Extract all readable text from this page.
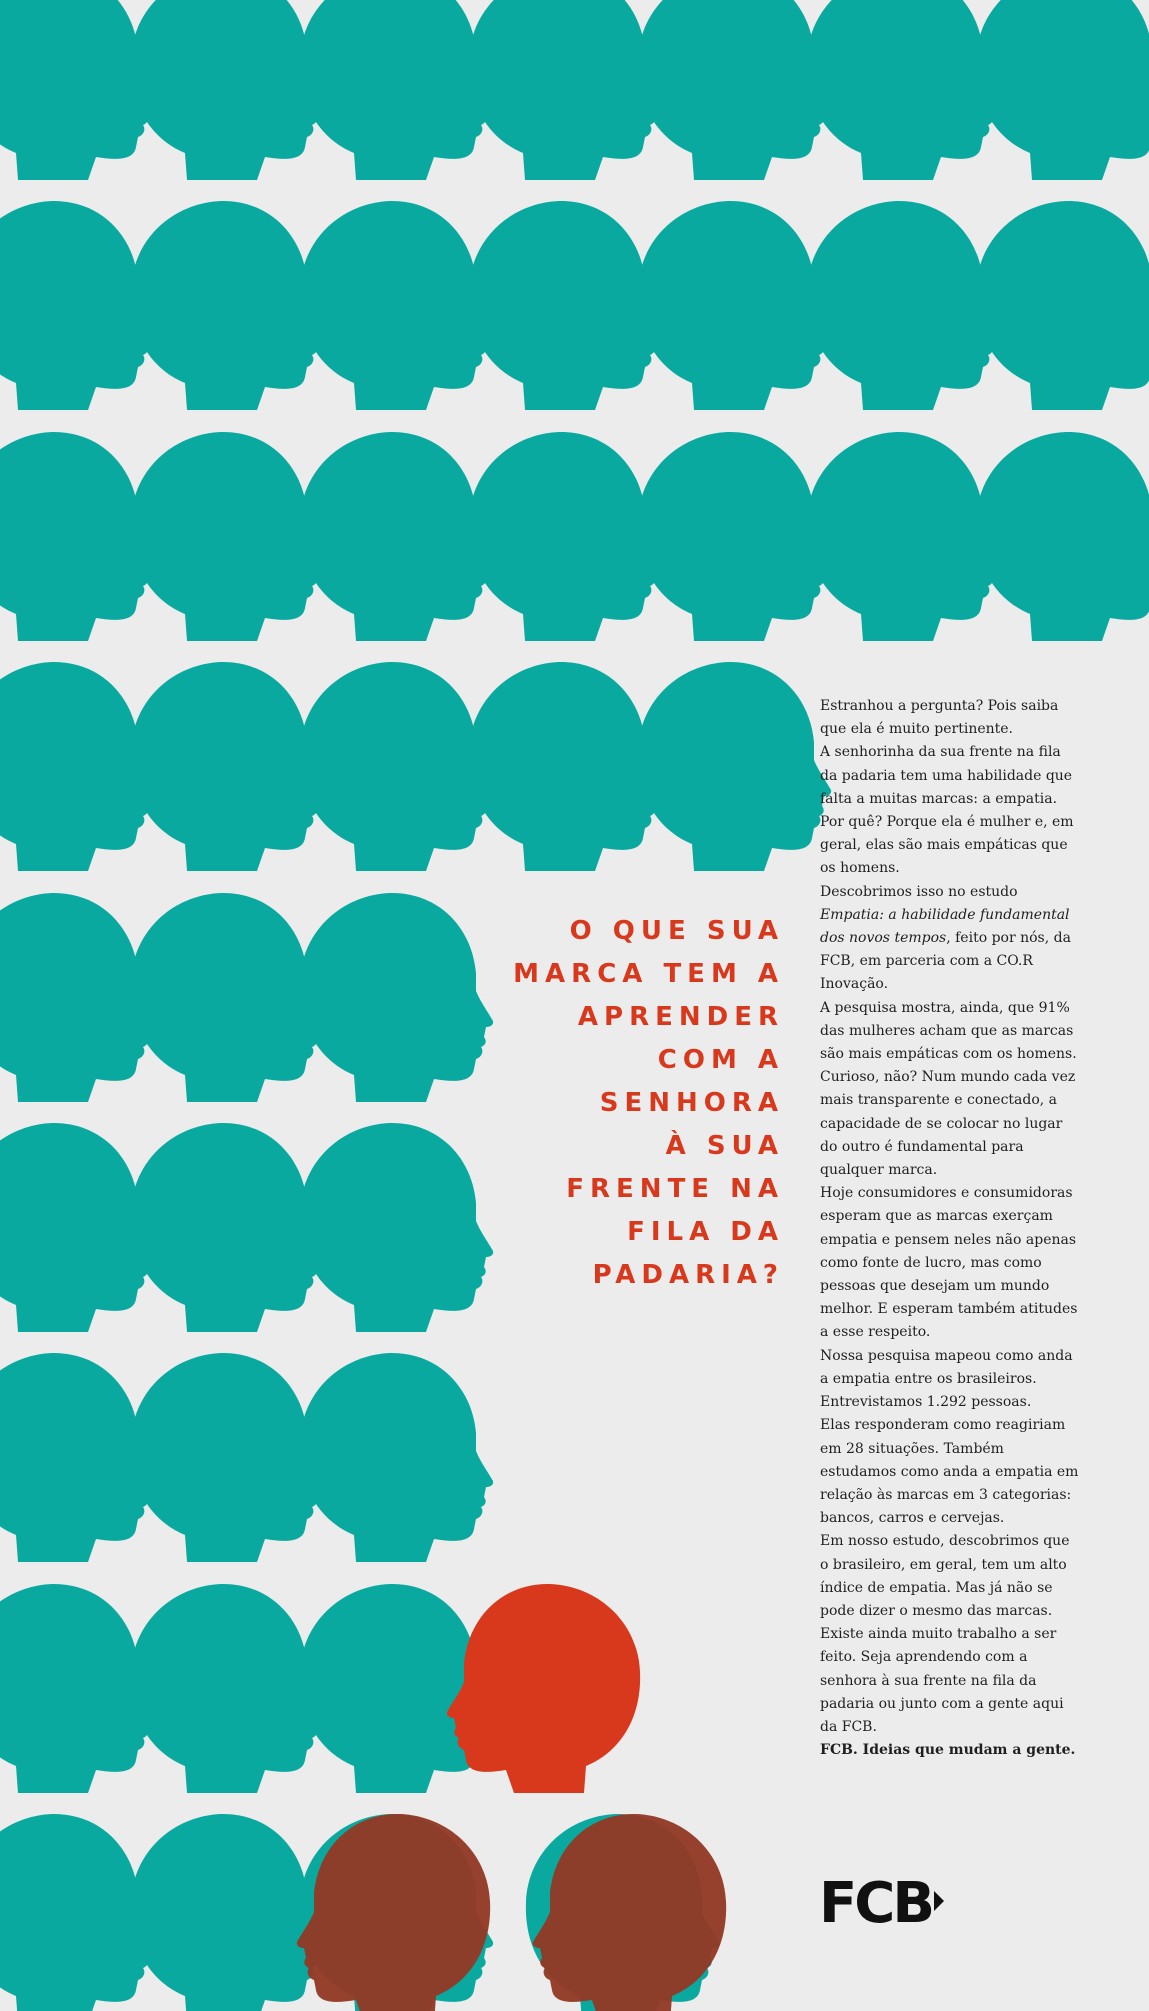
O QUE SUA
MARCA TEM A
APRENDER
COM A
SENHORA
À SUA
FRENTE NA
FILA DA
PADARIA?

Estranhou a pergunta? Pois saiba que ela é muito pertinente.

A senhorinha da sua frente na fila da padaria tem uma habilidade que falta a muitas marcas: a empatia.

Por quê? Porque ela é mulher e, em geral, elas são mais empáticas que os homens.

Descobrimos isso no estudo Empatia: a habilidade fundamental dos novos tempos, feito por nós, da FCB, em parceria com a CO.R Inovação.

A pesquisa mostra, ainda, que 91% das mulheres acham que as marcas são mais empáticas com os homens.

Curioso, não? Num mundo cada vez mais transparente e conectado, a capacidade de se colocar no lugar do outro é fundamental para qualquer marca.

Hoje consumidores e consumidoras esperam que as marcas exerçam empatia e pensem neles não apenas como fonte de lucro, mas como pessoas que desejam um mundo melhor. E esperam também atitudes a esse respeito.

Nossa pesquisa mapeou como anda a empatia entre os brasileiros. Entrevistamos 1.292 pessoas.

Elas responderam como reagiriam em 28 situações. Também estudamos como anda a empatia em relação às marcas em 3 categorias: bancos, carros e cervejas.

Em nosso estudo, descobrimos que o brasileiro, em geral, tem um alto índice de empatia. Mas já não se pode dizer o mesmo das marcas. Existe ainda muito trabalho a ser feito. Seja aprendendo com a senhora à sua frente na fila da padaria ou junto com a gente aqui da FCB.

FCB. Ideias que mudam a gente.

FCB
